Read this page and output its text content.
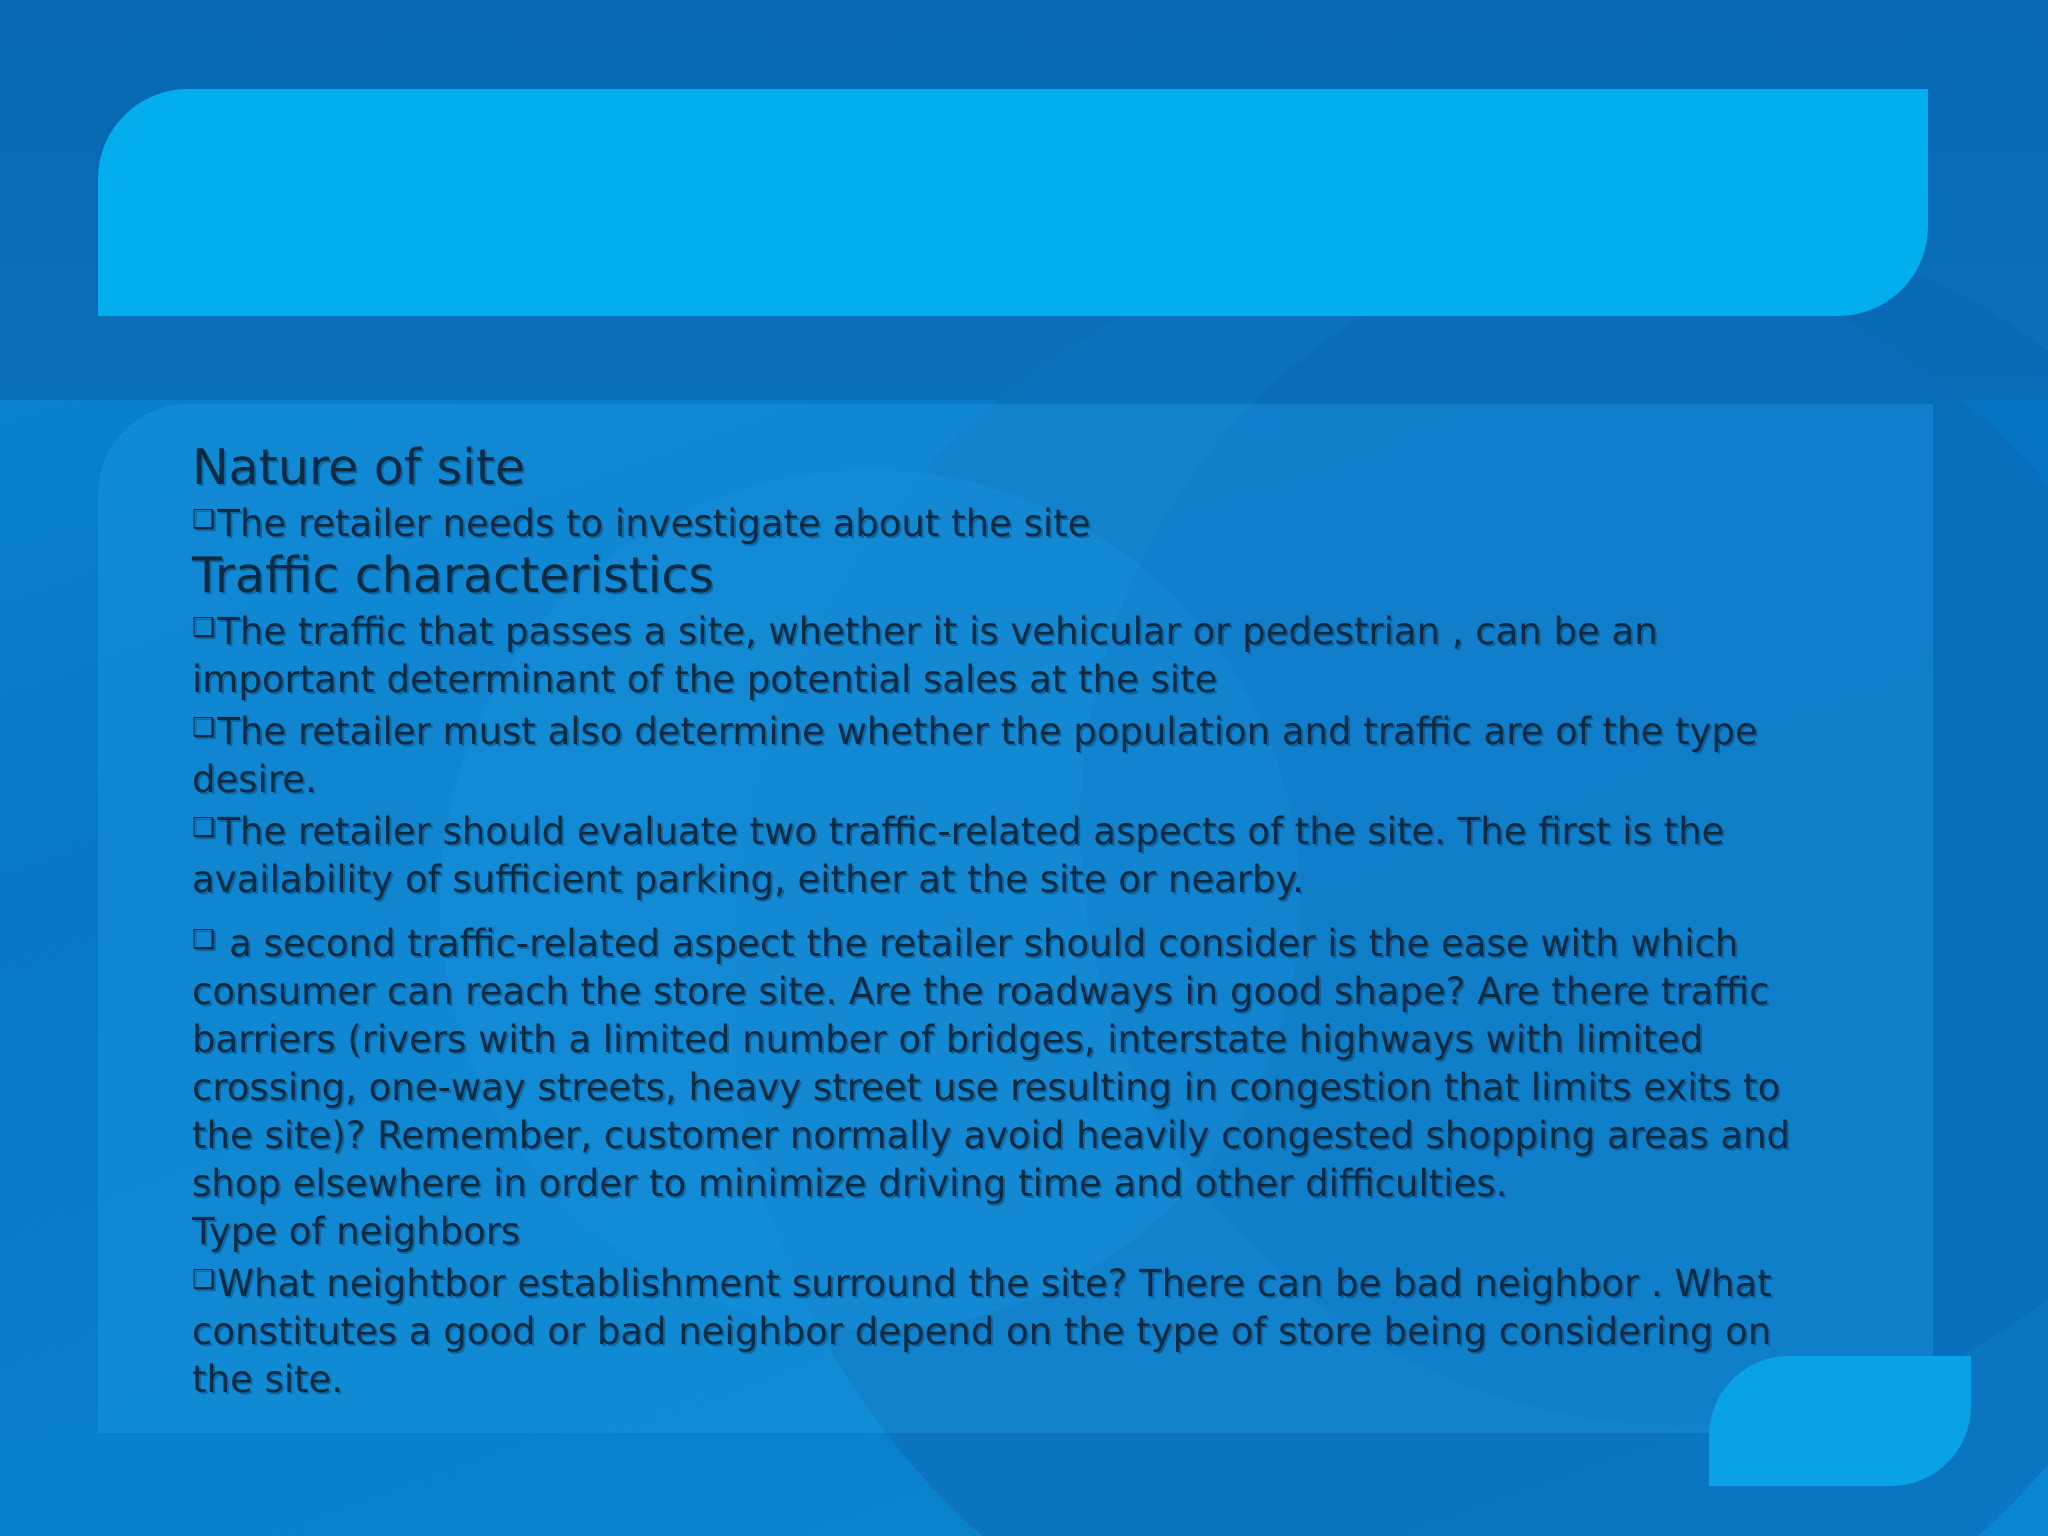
Nature of site

❑The retailer needs to investigate about the site

Traffic characteristics

❑The traffic that passes a site, whether it is vehicular or pedestrian , can be an important determinant of the potential sales at the site

❑The retailer must also determine whether the population and traffic are of the type desire.

❑The retailer should evaluate two traffic-related aspects of the site. The first is the availability of sufficient parking, either at the site or nearby.

❑ a second traffic-related aspect the retailer should consider is the ease with which consumer can reach the store site. Are the roadways in good shape? Are there traffic barriers (rivers with a limited number of bridges, interstate highways with limited crossing, one-way streets, heavy street use resulting in congestion that limits exits to the site)? Remember, customer normally avoid heavily congested shopping areas and shop elsewhere in order to minimize driving time and other difficulties.

Type of neighbors

❑What neightbor establishment surround the site? There can be bad neighbor . What constitutes a good or bad neighbor depend on the type of store being considering on the site.
